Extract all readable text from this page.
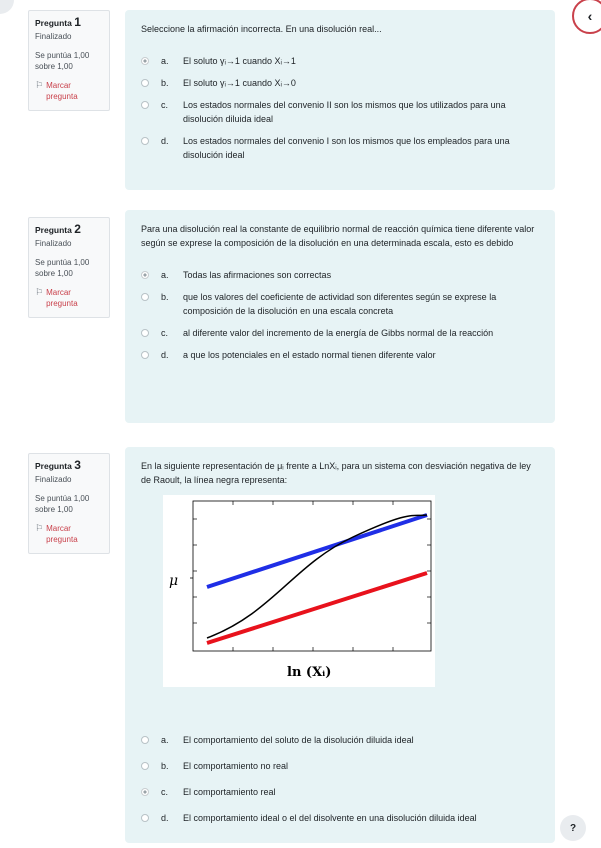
‹
Pregunta 1
Finalizado
Se puntúa 1,00 sobre 1,00
⚐ Marcar pregunta
Seleccione la afirmación incorrecta. En una disolución real...
a.	El soluto γᵢ→1 cuando Xᵢ→1
b.	El soluto γᵢ→1 cuando Xᵢ→0
c.	Los estados normales del convenio II son los mismos que los utilizados para una disolución diluida ideal
d.	Los estados normales del convenio I son los mismos que los empleados para una disolución ideal
Pregunta 2
Finalizado
Se puntúa 1,00 sobre 1,00
⚐ Marcar pregunta
Para una disolución real la constante de equilibrio normal de reacción química tiene diferente valor según se exprese la composición de la disolución en una determinada escala, esto es debido
a.	Todas las afirmaciones son correctas
b.	que los valores del coeficiente de actividad son diferentes según se exprese la composición de la disolución en una escala concreta
c.	al diferente valor del incremento de la energía de Gibbs normal de la reacción
d.	a que los potenciales en el estado normal tienen diferente valor
Pregunta 3
Finalizado
Se puntúa 1,00 sobre 1,00
⚐ Marcar pregunta
En la siguiente representación de μᵢ frente a LnXᵢ, para un sistema con desviación negativa de ley de Raoult, la línea negra representa:
μ
ln (Xᵢ)
a.	El comportamiento del soluto de la disolución diluida ideal
b.	El comportamiento no real
c.	El comportamiento real
d.	El comportamiento ideal o el del disolvente en una disolución diluida ideal
?
